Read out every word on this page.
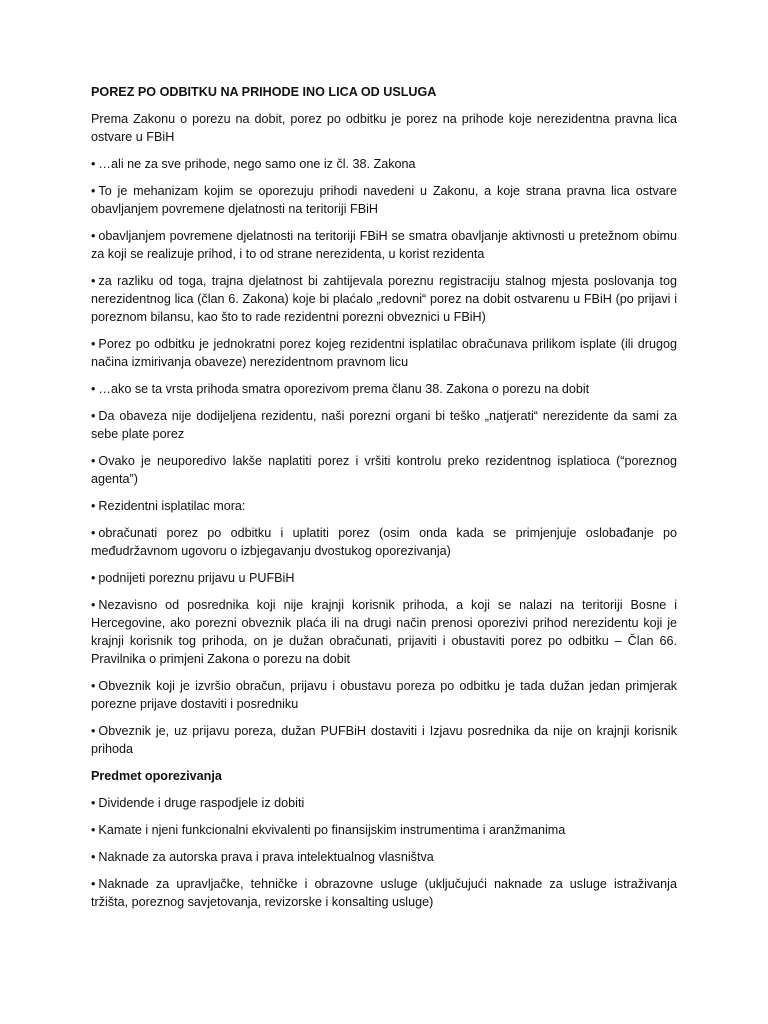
POREZ PO ODBITKU NA PRIHODE INO LICA OD USLUGA

Prema Zakonu o porezu na dobit, porez po odbitku je porez na prihode koje nerezidentna pravna lica ostvare u FBiH

• …ali ne za sve prihode, nego samo one iz čl. 38. Zakona

• To je mehanizam kojim se oporezuju prihodi navedeni u Zakonu, a koje strana pravna lica ostvare obavljanjem povremene djelatnosti na teritoriji FBiH

• obavljanjem povremene djelatnosti na teritoriji FBiH se smatra obavljanje aktivnosti u pretežnom obimu za koji se realizuje prihod, i to od strane nerezidenta, u korist rezidenta

• za razliku od toga, trajna djelatnost bi zahtijevala poreznu registraciju stalnog mjesta poslovanja tog nerezidentnog lica (član 6. Zakona) koje bi plaćalo „redovni“ porez na dobit ostvarenu u FBiH (po prijavi i poreznom bilansu, kao što to rade rezidentni porezni obveznici u FBiH)

• Porez po odbitku je jednokratni porez kojeg rezidentni isplatilac obračunava prilikom isplate (ili drugog načina izmirivanja obaveze) nerezidentnom pravnom licu

• …ako se ta vrsta prihoda smatra oporezivom prema članu 38. Zakona o porezu na dobit

• Da obaveza nije dodijeljena rezidentu, naši porezni organi bi teško „natjerati“ nerezidente da sami za sebe plate porez

• Ovako je neuporedivo lakše naplatiti porez i vršiti kontrolu preko rezidentnog isplatioca (“poreznog agenta”)

• Rezidentni isplatilac mora:

• obračunati porez po odbitku i uplatiti porez (osim onda kada se primjenjuje oslobađanje po međudržavnom ugovoru o izbjegavanju dvostukog oporezivanja)

• podnijeti poreznu prijavu u PUFBiH

• Nezavisno od posrednika koji nije krajnji korisnik prihoda, a koji se nalazi na teritoriji Bosne i Hercegovine, ako porezni obveznik plaća ili na drugi način prenosi oporezivi prihod nerezidentu koji je krajnji korisnik tog prihoda, on je dužan obračunati, prijaviti i obustaviti porez po odbitku – Član 66. Pravilnika o primjeni Zakona o porezu na dobit

• Obveznik koji je izvršio obračun, prijavu i obustavu poreza po odbitku je tada dužan jedan primjerak porezne prijave dostaviti i posredniku

• Obveznik je, uz prijavu poreza, dužan PUFBiH dostaviti i Izjavu posrednika da nije on krajnji korisnik prihoda

Predmet oporezivanja

• Dividende i druge raspodjele iz dobiti

• Kamate i njeni funkcionalni ekvivalenti po finansijskim instrumentima i aranžmanima

• Naknade za autorska prava i prava intelektualnog vlasništva

• Naknade za upravljačke, tehničke i obrazovne usluge (uključujući naknade za usluge istraživanja tržišta, poreznog savjetovanja, revizorske i konsalting usluge)
